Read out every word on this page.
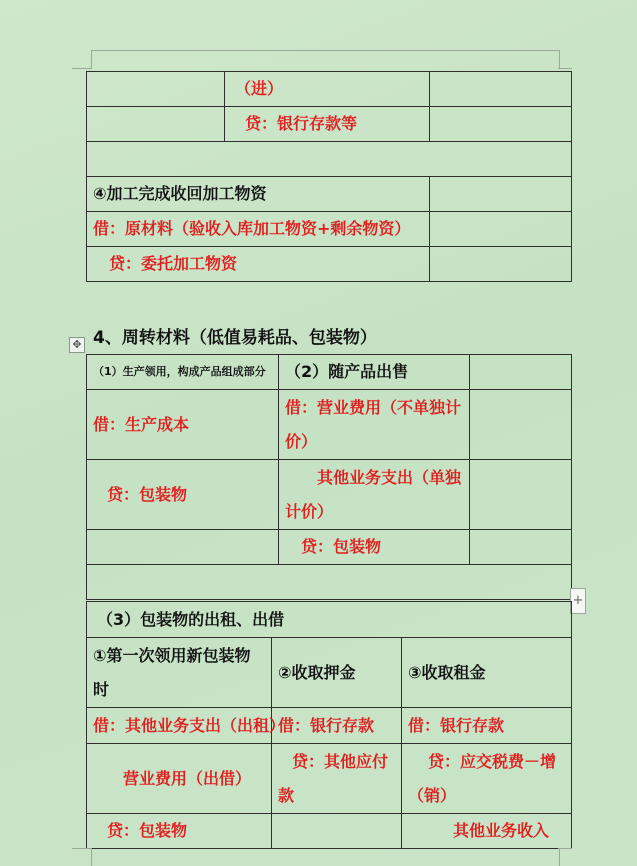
	（进）	
	贷：银行存款等	

④加工完成收回加工物资		
借：原材料（验收入库加工物资+剩余物资）		
贷：委托加工物资		
4、周转材料（低值易耗品、包装物）
✥
（1）生产领用，构成产品组成部分	（2）随产品出售	
借：生产成本	借：营业费用（不单独计价）	
贷：包装物	其他业务支出（单独计价）	
	贷：包装物	

+
（3）包装物的出租、出借		
①第一次领用新包装物时	②收取押金	③收取租金
借：其他业务支出（出租）	借：银行存款	借：银行存款
营业费用（出借）	贷：其他应付款	贷：应交税费－增（销）
贷：包装物		其他业务收入
